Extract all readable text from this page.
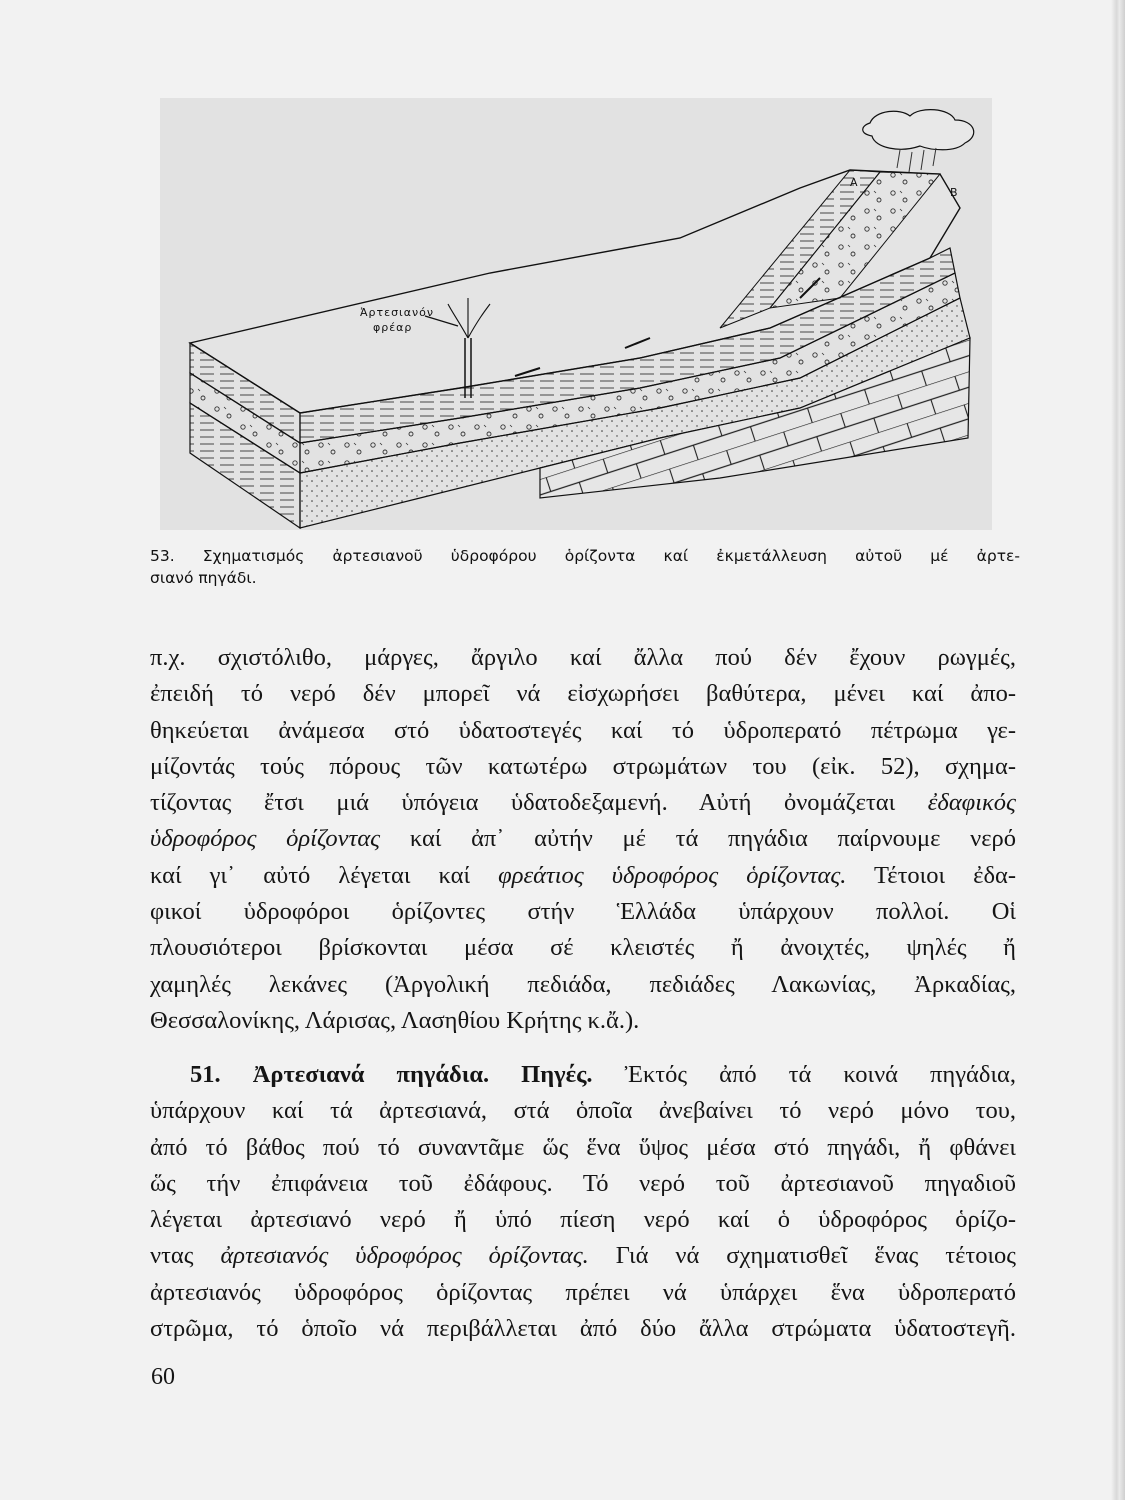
Ἀρτεσιανόν
φρέαρ
A
B
53. Σχηματισμός ἀρτεσιανοῦ ὑδροφόρου ὁρίζοντα καί ἐκμετάλλευση αὐτοῦ μέ ἀρτε-
σιανό πηγάδι.
π.χ. σχιστόλιθο, μάργες, ἄργιλο καί ἄλλα πού δέν ἔχουν ρωγμές,
ἐπειδή τό νερό δέν μπορεῖ νά εἰσχωρήσει βαθύτερα, μένει καί ἀπο-
θηκεύεται ἀνάμεσα στό ὑδατοστεγές καί τό ὑδροπερατό πέτρωμα γε-
μίζοντάς τούς πόρους τῶν κατωτέρω στρωμάτων του (εἰκ. 52), σχημα-
τίζοντας ἔτσι μιά ὑπόγεια ὑδατοδεξαμενή. Αὐτή ὀνομάζεται ἐδαφικός
ὑδροφόρος ὁρίζοντας καί ἀπ᾽ αὐτήν μέ τά πηγάδια παίρνουμε νερό
καί γι᾽ αὐτό λέγεται καί φρεάτιος ὑδροφόρος ὁρίζοντας. Τέτοιοι ἐδα-
φικοί ὑδροφόροι ὁρίζοντες στήν Ἑλλάδα ὑπάρχουν πολλοί. Οἱ
πλουσιότεροι βρίσκονται μέσα σέ κλειστές ἤ ἀνοιχτές, ψηλές ἤ
χαμηλές λεκάνες (Ἀργολική πεδιάδα, πεδιάδες Λακωνίας, Ἀρκαδίας,
Θεσσαλονίκης, Λάρισας, Λασηθίου Κρήτης κ.ἄ.).
51. Ἀρτεσιανά πηγάδια. Πηγές. Ἐκτός ἀπό τά κοινά πηγάδια,
ὑπάρχουν καί τά ἀρτεσιανά, στά ὁποῖα ἀνεβαίνει τό νερό μόνο του,
ἀπό τό βάθος πού τό συναντᾶμε ὥς ἕνα ὕψος μέσα στό πηγάδι, ἤ φθάνει
ὥς τήν ἐπιφάνεια τοῦ ἐδάφους. Τό νερό τοῦ ἀρτεσιανοῦ πηγαδιοῦ
λέγεται ἀρτεσιανό νερό ἤ ὑπό πίεση νερό καί ὁ ὑδροφόρος ὁρίζο-
ντας ἀρτεσιανός ὑδροφόρος ὁρίζοντας. Γιά νά σχηματισθεῖ ἕνας τέτοιος
ἀρτεσιανός ὑδροφόρος ὁρίζοντας πρέπει νά ὑπάρχει ἕνα ὑδροπερατό
στρῶμα, τό ὁποῖο νά περιβάλλεται ἀπό δύο ἄλλα στρώματα ὑδατοστεγῆ.
60
